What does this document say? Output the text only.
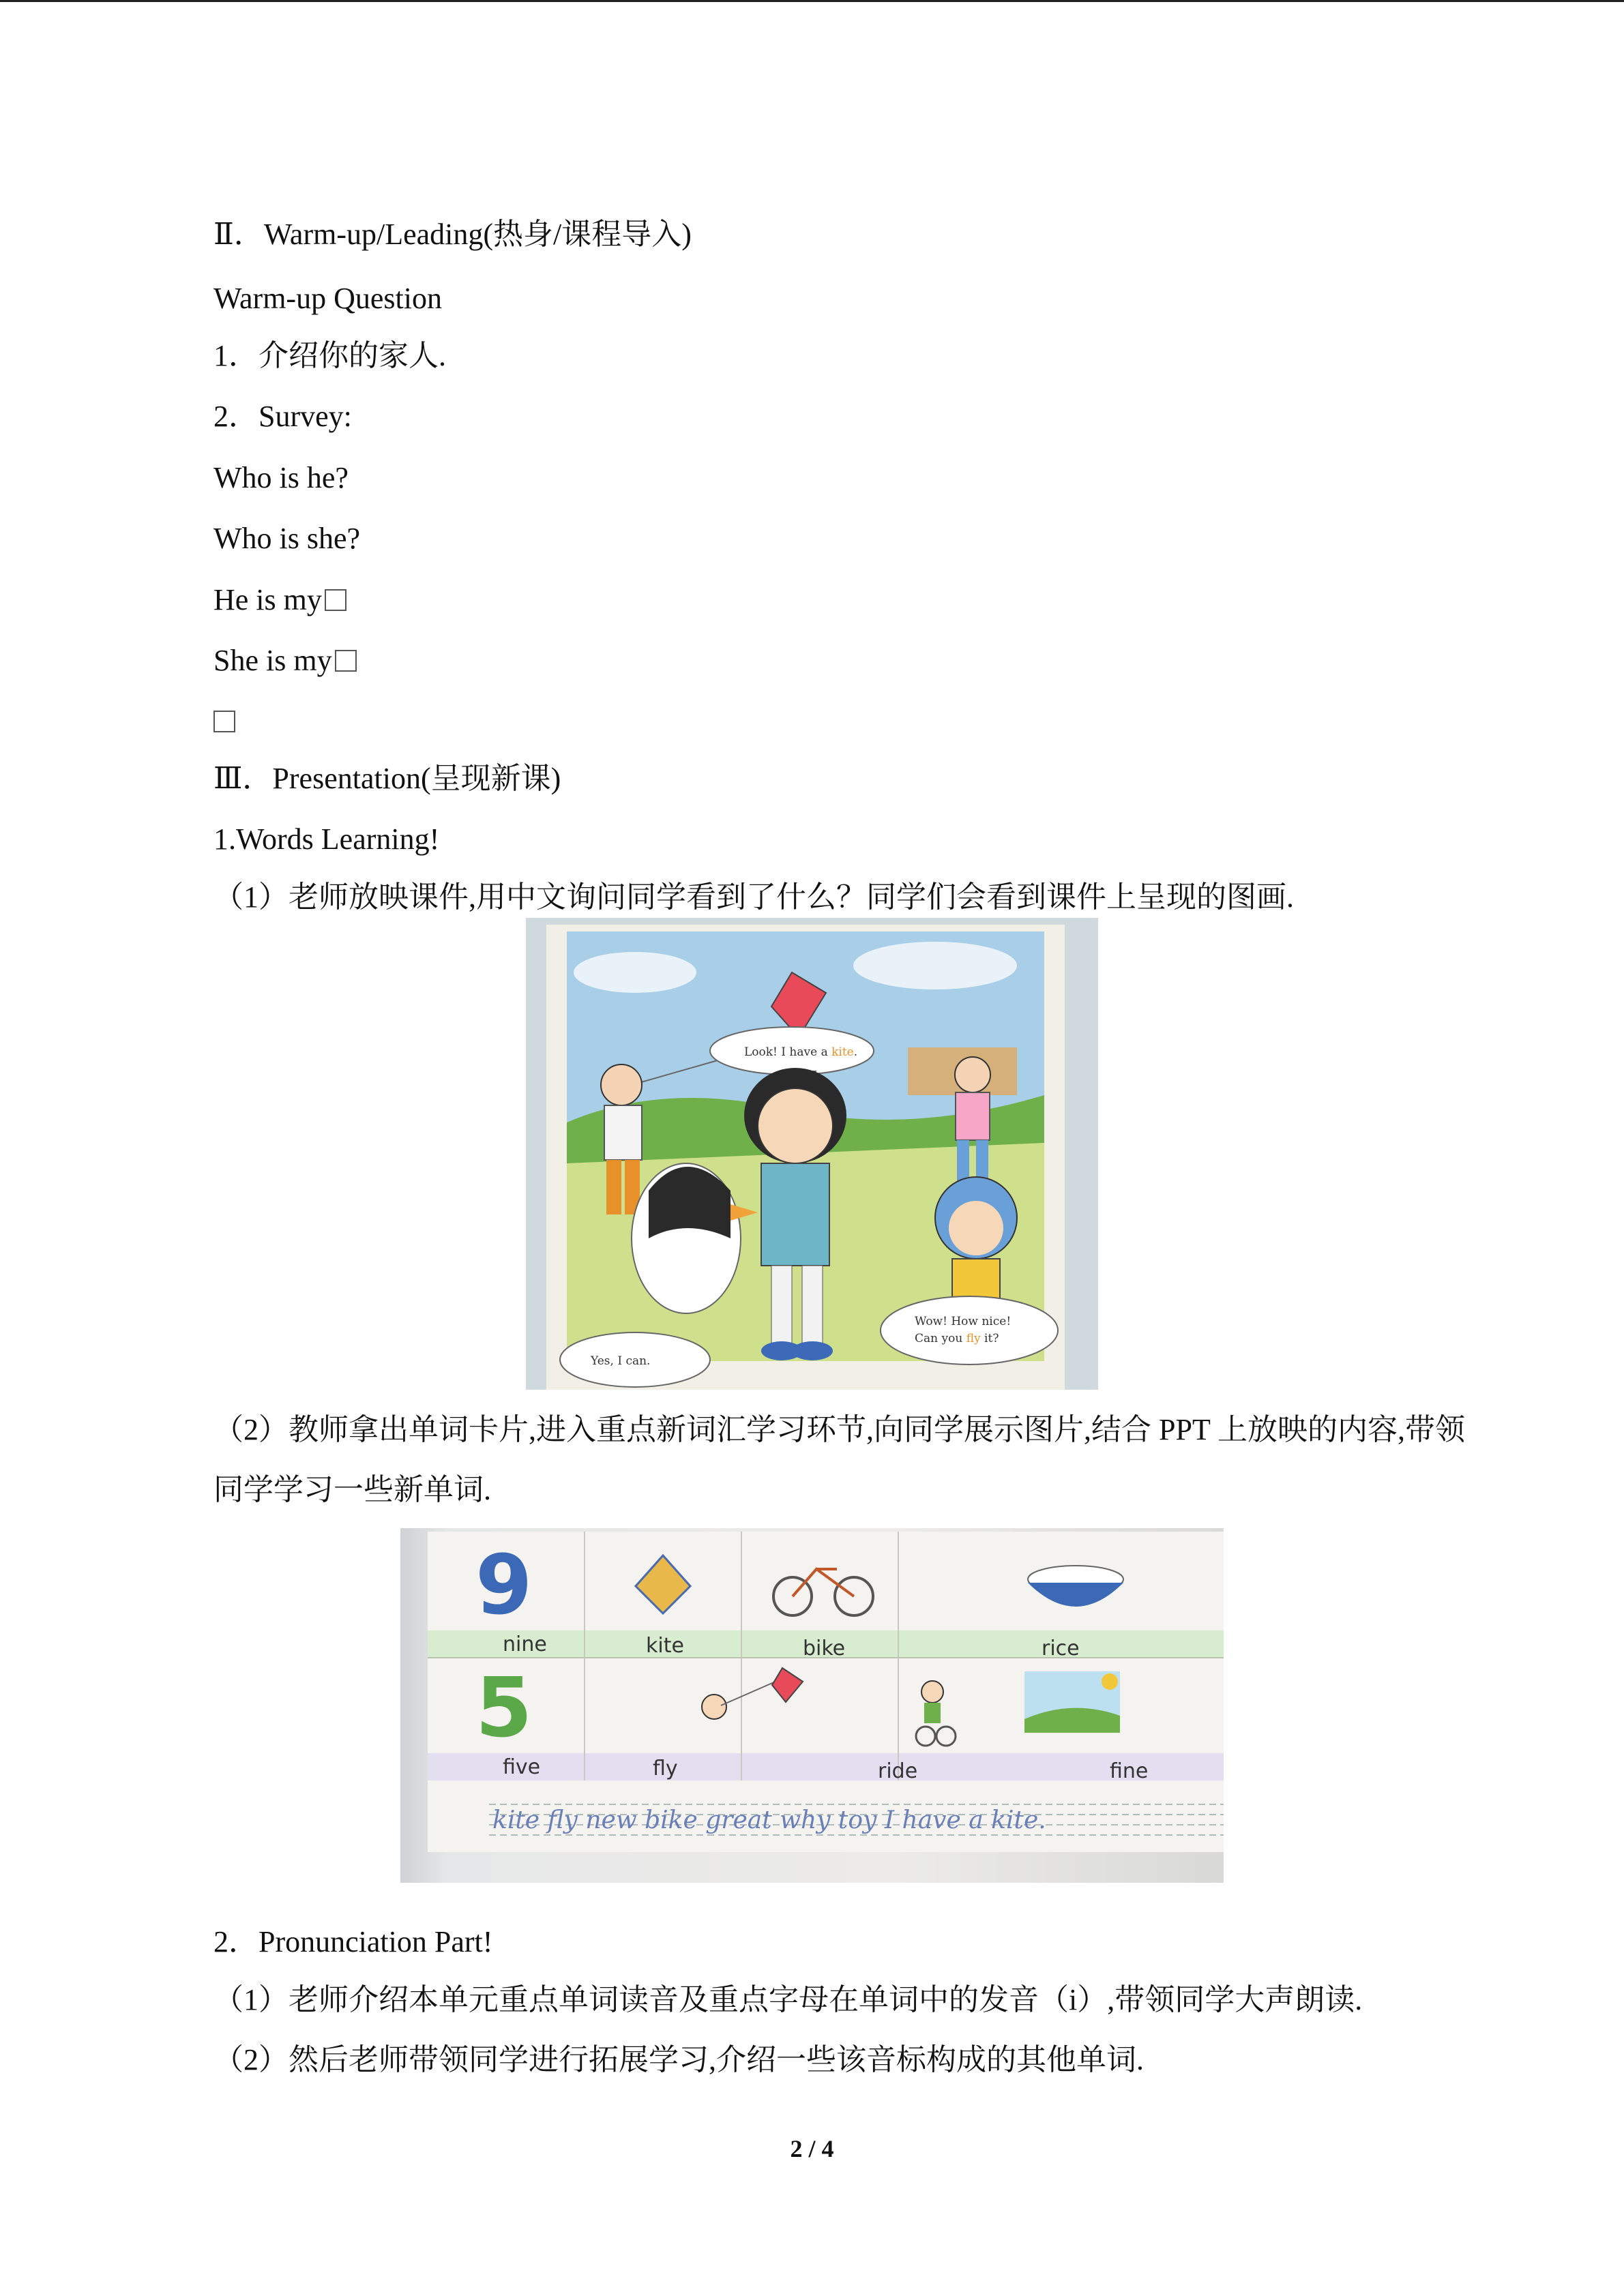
Ⅱ．Warm-up/Leading(热身/课程导入)
Warm-up Question
1．介绍你的家人.
2．Survey:
Who is he?
Who is she?
He is my
She is my
Ⅲ．Presentation(呈现新课)
1.Words Learning!
（1）老师放映课件,用中文询问同学看到了什么？同学们会看到课件上呈现的图画.
Look! I have a kite.
Wow! How nice!
Can you fly it?
Yes, I can.
（2）教师拿出单词卡片,进入重点新词汇学习环节,向同学展示图片,结合 PPT 上放映的内容,带领同学学习一些新单词.
9
nine	kite	bike	rice
5
five	fly	ride	fine
kite fly new bike great why toy I have a kite.
2．Pronunciation Part!
（1）老师介绍本单元重点单词读音及重点字母在单词中的发音（i）,带领同学大声朗读.
（2）然后老师带领同学进行拓展学习,介绍一些该音标构成的其他单词.
2 / 4
